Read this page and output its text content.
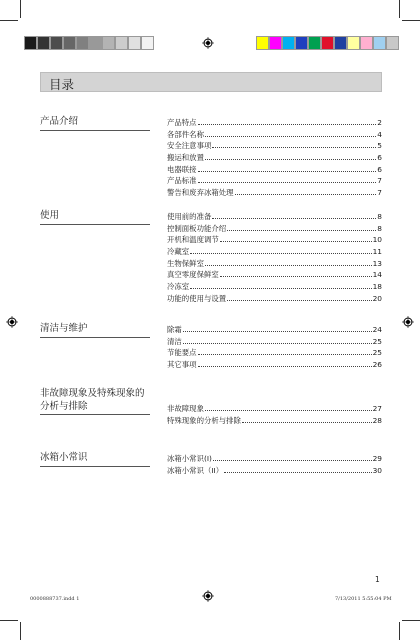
目录
产品介绍	产品特点	2
各部件名称	4
安全注意事项	5
搬运和放置	6
电器联接	6
产品标准	7
警告和废弃冰箱处理	7
使用	使用前的准备	8
控制面板功能介绍	8
开机和温度调节	10
冷藏室	11
生物保鲜室	13
真空零度保鲜室	14
冷冻室	18
功能的使用与设置	20
清洁与维护	除霜	24
清洁	25
节能要点	25
其它事项	26
非故障现象及特殊现象的
分析与排除	非故障现象	27
特殊现象的分析与排除	28
冰箱小常识	冰箱小常识(I)	29
冰箱小常识（II）	30
1
0000888737.indd 1	7/13/2011 5:55:04 PM
